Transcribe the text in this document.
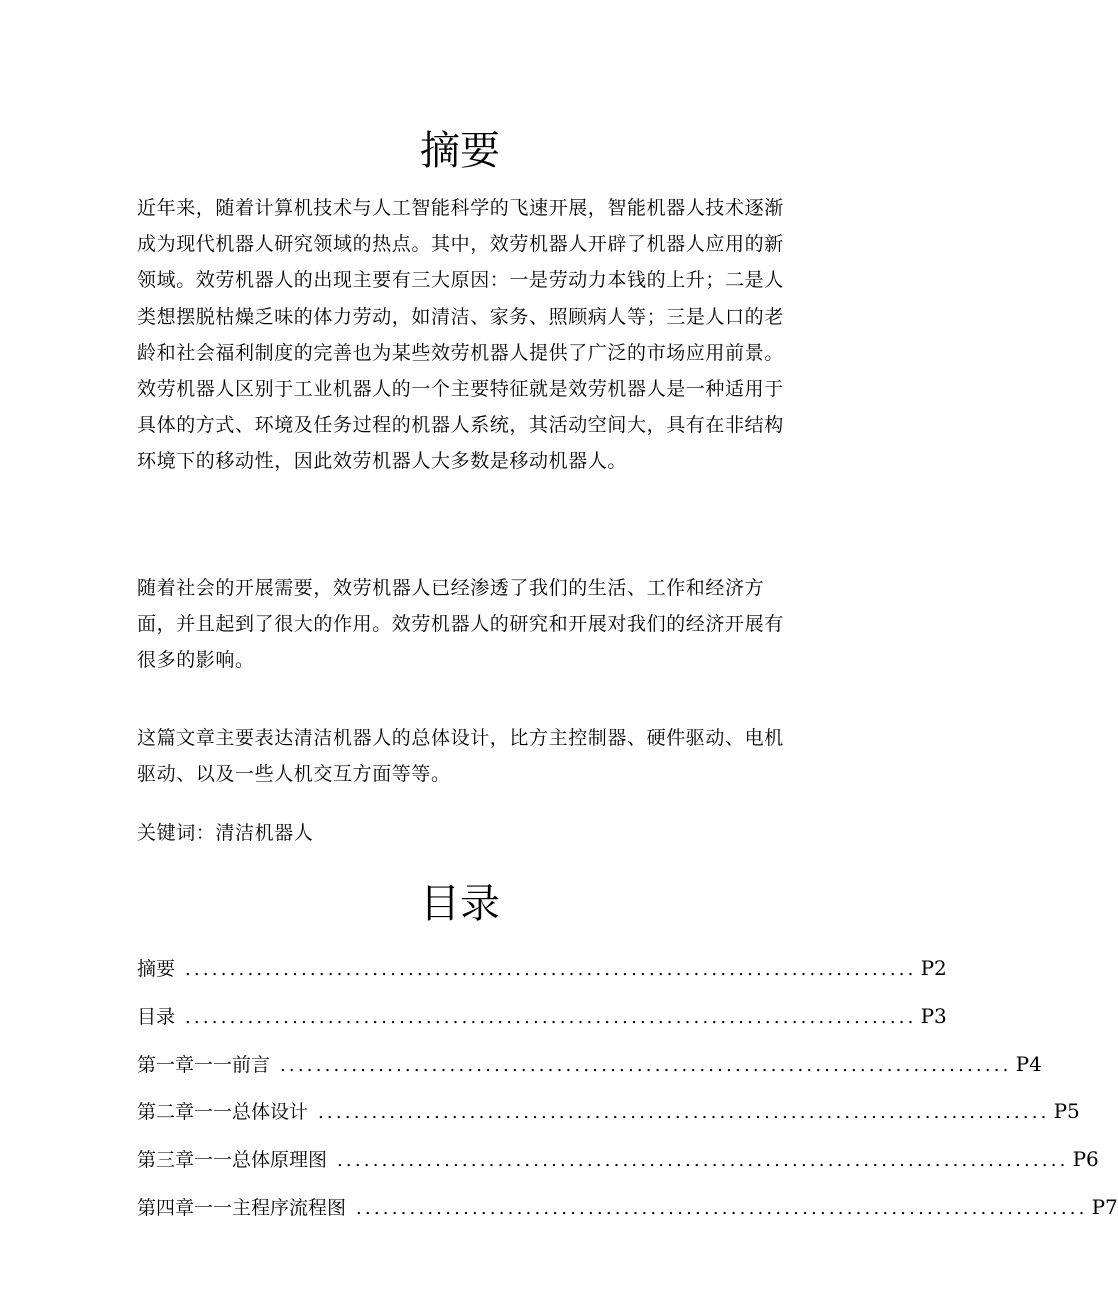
摘要

近年来，随着计算机技术与人工智能科学的飞速开展，智能机器人技术逐渐成为现代机器人研究领域的热点。其中，效劳机器人开辟了机器人应用的新领域。效劳机器人的出现主要有三大原因：一是劳动力本钱的上升；二是人类想摆脱枯燥乏味的体力劳动，如清洁、家务、照顾病人等；三是人口的老龄和社会福利制度的完善也为某些效劳机器人提供了广泛的市场应用前景。效劳机器人区别于工业机器人的一个主要特征就是效劳机器人是一种适用于具体的方式、环境及任务过程的机器人系统，其活动空间大，具有在非结构环境下的移动性，因此效劳机器人大多数是移动机器人。

随着社会的开展需要，效劳机器人已经渗透了我们的生活、工作和经济方面，并且起到了很大的作用。效劳机器人的研究和开展对我们的经济开展有很多的影响。

这篇文章主要表达清洁机器人的总体设计，比方主控制器、硬件驱动、电机驱动、以及一些人机交互方面等等。

关键词：清洁机器人

目录
摘要 .................................................................................. P2
目录 .................................................................................. P3
第一章一一前言 .................................................................................. P4
第二章一一总体设计 .................................................................................. P5
第三章一一总体原理图 .................................................................................. P6
第四章一一主程序流程图 .................................................................................. P7
